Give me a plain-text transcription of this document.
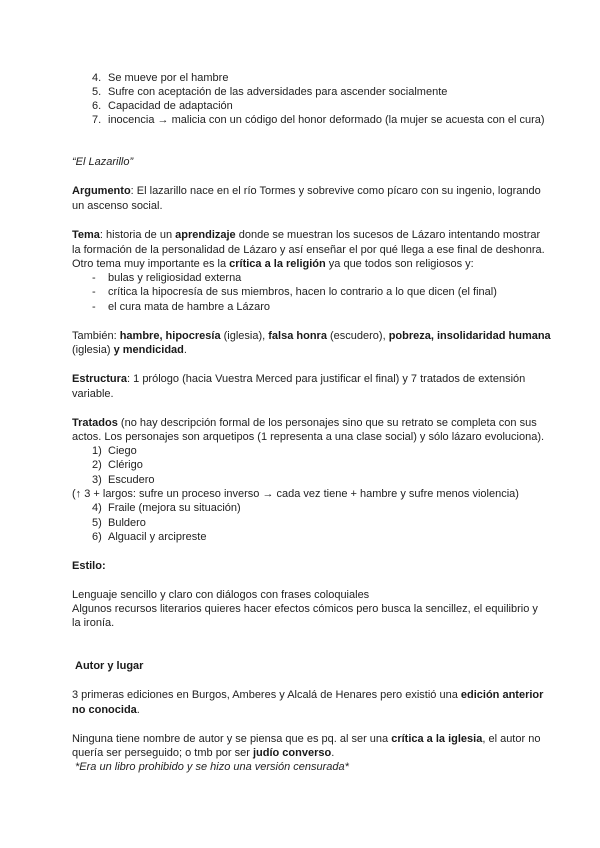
4. Se mueve por el hambre
5. Sufre con aceptación de las adversidades para ascender socialmente
6. Capacidad de adaptación
7. inocencia → malicia con un código del honor deformado (la mujer se acuesta con el cura)
“El Lazarillo”
Argumento: El lazarillo nace en el río Tormes y sobrevive como pícaro con su ingenio, logrando
un ascenso social.
Tema: historia de un aprendizaje donde se muestran los sucesos de Lázaro intentando mostrar
la formación de la personalidad de Lázaro y así enseñar el por qué llega a ese final de deshonra.
Otro tema muy importante es la crítica a la religión ya que todos son religiosos y:
- bulas y religiosidad externa
- crítica la hipocresía de sus miembros, hacen lo contrario a lo que dicen (el final)
- el cura mata de hambre a Lázaro
También: hambre, hipocresía (iglesia), falsa honra (escudero), pobreza, insolidaridad humana
(iglesia) y mendicidad.
Estructura: 1 prólogo (hacia Vuestra Merced para justificar el final) y 7 tratados de extensión
variable.
Tratados (no hay descripción formal de los personajes sino que su retrato se completa con sus
actos. Los personajes son arquetipos (1 representa a una clase social) y sólo lázaro evoluciona).
1) Ciego
2) Clérigo
3) Escudero
(↑ 3 + largos: sufre un proceso inverso → cada vez tiene + hambre y sufre menos violencia)
4) Fraile (mejora su situación)
5) Buldero
6) Alguacil y arcipreste
Estilo:
Lenguaje sencillo y claro con diálogos con frases coloquiales
Algunos recursos literarios quieres hacer efectos cómicos pero busca la sencillez, el equilibrio y
la ironía.
Autor y lugar
3 primeras ediciones en Burgos, Amberes y Alcalá de Henares pero existió una edición anterior
no conocida.
Ninguna tiene nombre de autor y se piensa que es pq. al ser una crítica a la iglesia, el autor no
quería ser perseguido; o tmb por ser judío converso.
*Era un libro prohibido y se hizo una versión censurada*
